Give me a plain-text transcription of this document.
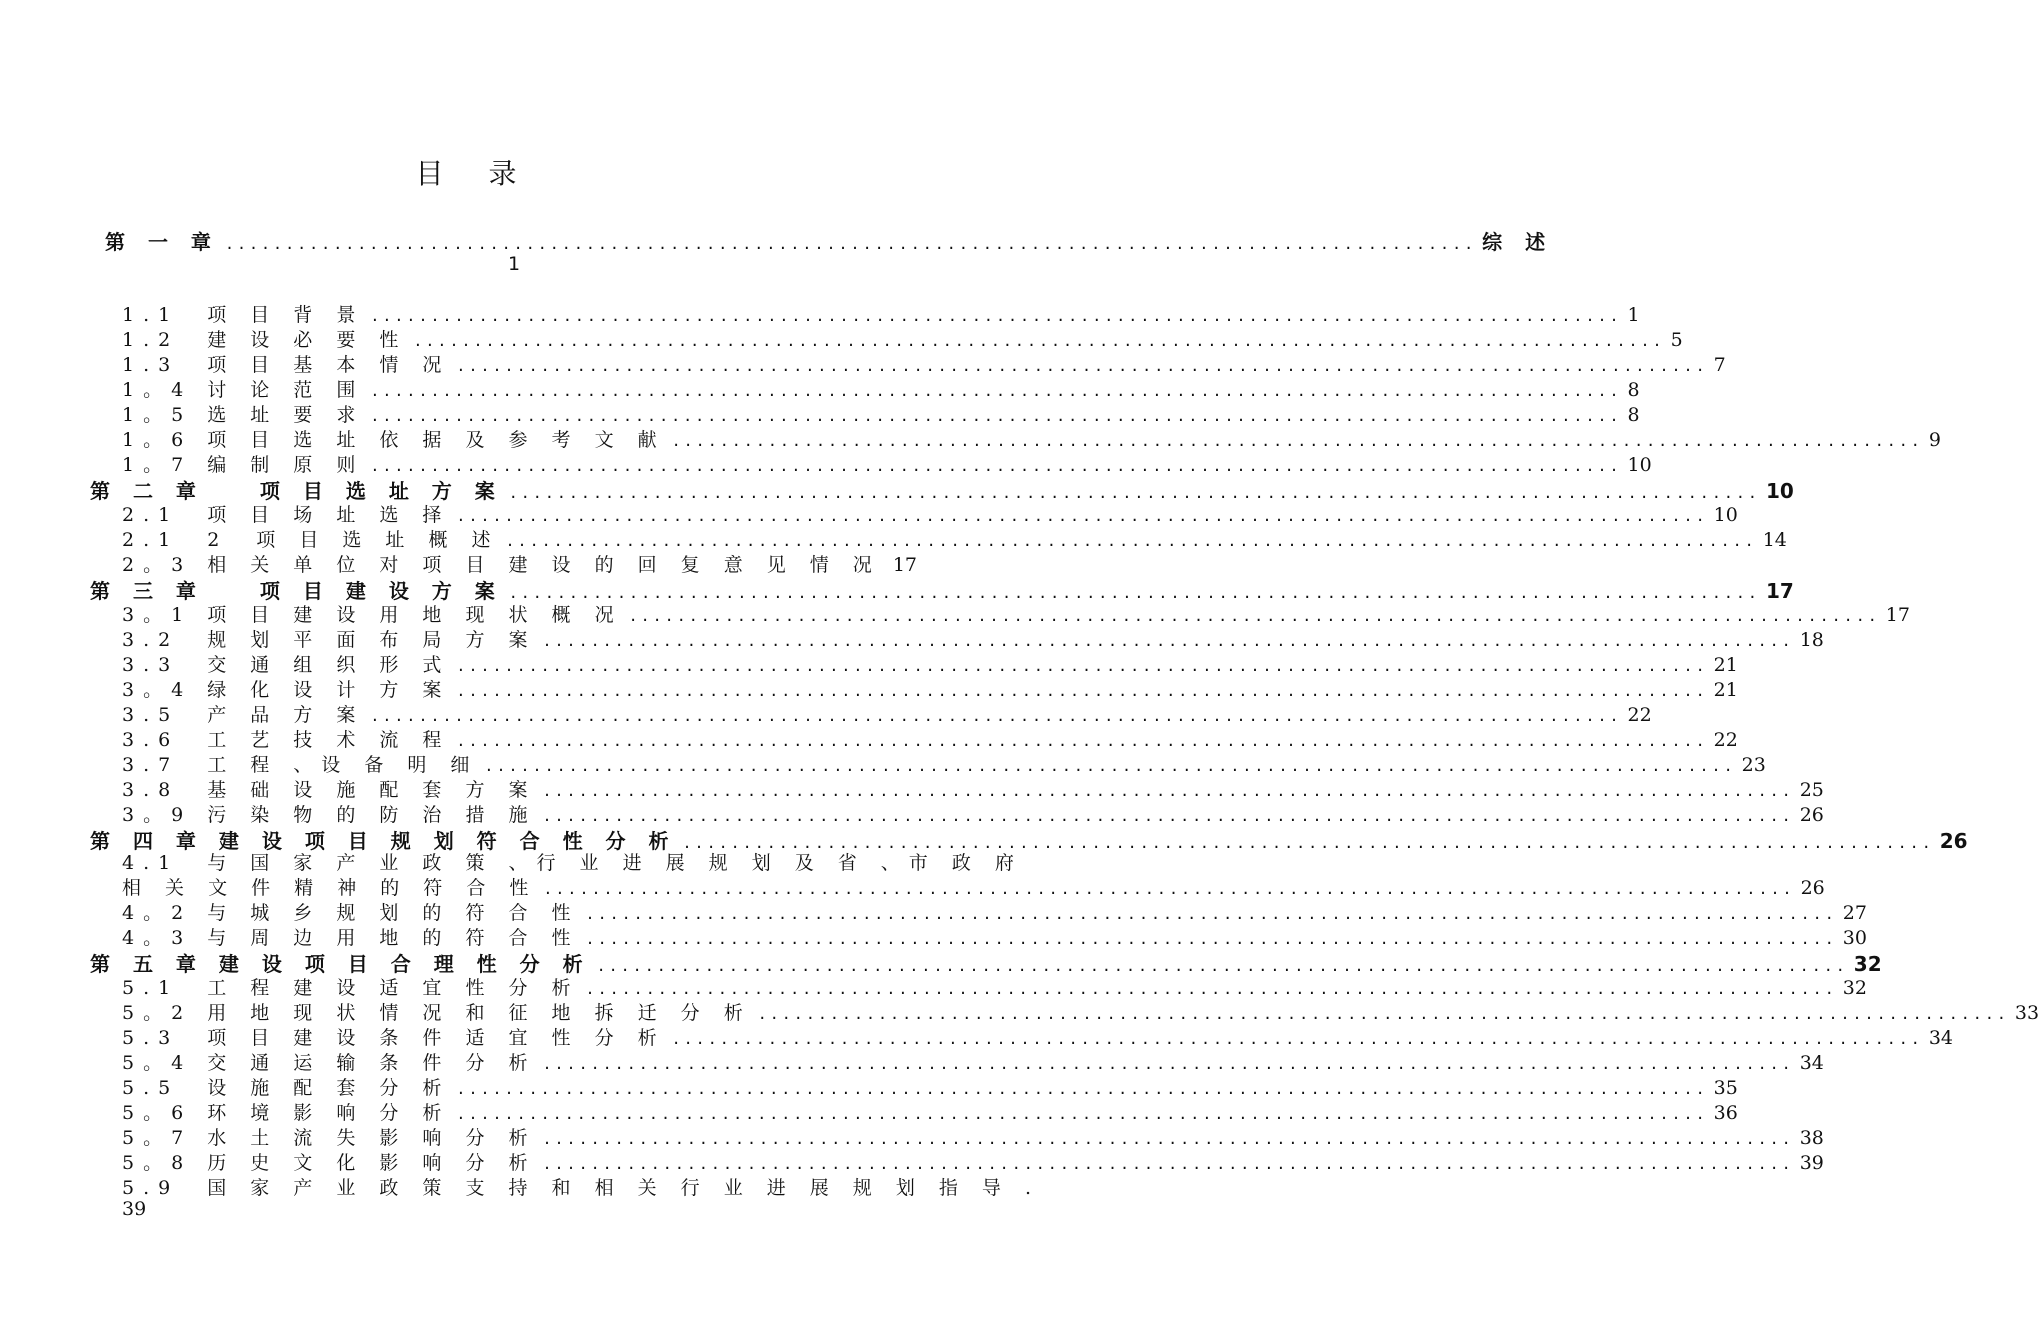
目 录
第 一 章 ........................................................................................................ 综 述
1
1.1　项 目 背 景 ........................................................................................................ 1
1.2　建 设 必 要 性 ........................................................................................................ 5
1.3　项 目 基 本 情 况 ........................................................................................................ 7
1。4 讨 论 范 围 ........................................................................................................ 8
1。5 选 址 要 求 ........................................................................................................ 8
1。6 项 目 选 址 依 据 及 参 考 文 献 ........................................................................................................ 9
1。7 编 制 原 则 ........................................................................................................ 10
第 二 章　　项 目 选 址 方 案 ........................................................................................................ 10
2.1　项 目 场 址 选 择 ........................................................................................................ 10
2.1　2　项 目 选 址 概 述 ........................................................................................................ 14
2。3 相 关 单 位 对 项 目 建 设 的 回 复 意 见 情 况 17
第 三 章　　项 目 建 设 方 案 ........................................................................................................ 17
3。1 项 目 建 设 用 地 现 状 概 况 ........................................................................................................ 17
3.2　规 划 平 面 布 局 方 案 ........................................................................................................ 18
3.3　交 通 组 织 形 式 ........................................................................................................ 21
3。4 绿 化 设 计 方 案 ........................................................................................................ 21
3.5　产 品 方 案 ........................................................................................................ 22
3.6　工 艺 技 术 流 程 ........................................................................................................ 22
3.7　工 程 、设 备 明 细 ........................................................................................................ 23
3.8　基 础 设 施 配 套 方 案 ........................................................................................................ 25
3。9 污 染 物 的 防 治 措 施 ........................................................................................................ 26
第 四 章 建 设 项 目 规 划 符 合 性 分 析 ........................................................................................................ 26
4.1　与 国 家 产 业 政 策 、行 业 进 展 规 划 及 省 、市 政 府
相 关 文 件 精 神 的 符 合 性 ........................................................................................................ 26
4。2 与 城 乡 规 划 的 符 合 性 ........................................................................................................ 27
4。3 与 周 边 用 地 的 符 合 性 ........................................................................................................ 30
第 五 章 建 设 项 目 合 理 性 分 析 ........................................................................................................ 32
5.1　工 程 建 设 适 宜 性 分 析 ........................................................................................................ 32
5。2 用 地 现 状 情 况 和 征 地 拆 迁 分 析 ........................................................................................................ 33
5.3　项 目 建 设 条 件 适 宜 性 分 析 ........................................................................................................ 34
5。4 交 通 运 输 条 件 分 析 ........................................................................................................ 34
5.5　设 施 配 套 分 析 ........................................................................................................ 35
5。6 环 境 影 响 分 析 ........................................................................................................ 36
5。7 水 土 流 失 影 响 分 析 ........................................................................................................ 38
5。8 历 史 文 化 影 响 分 析 ........................................................................................................ 39
5.9　国 家 产 业 政 策 支 持 和 相 关 行 业 进 展 规 划 指 导 .
39
